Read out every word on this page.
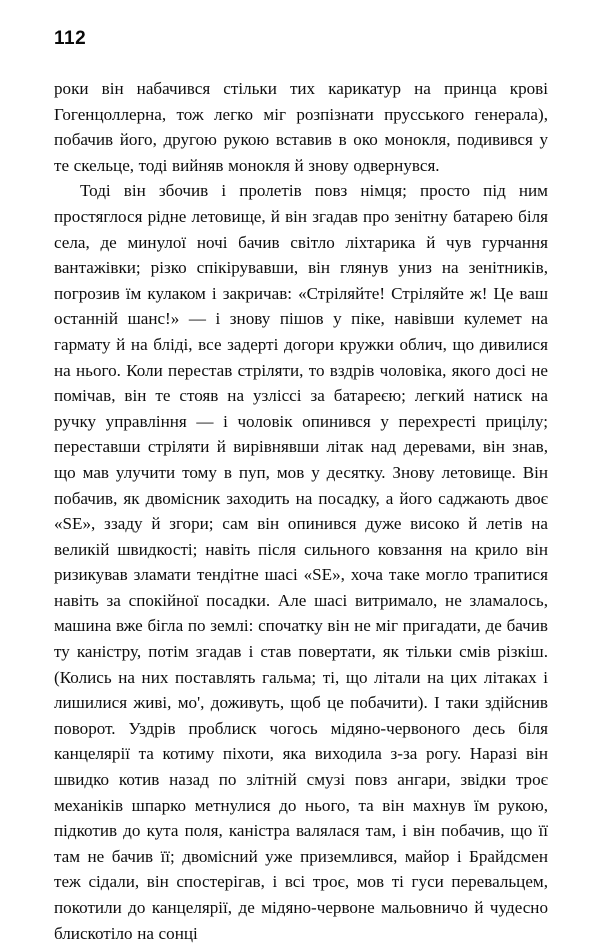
112

роки він набачився стільки тих карикатур на принца крові Гогенцоллерна, тож легко міг розпізнати прусського генерала), побачив його, другою рукою вставив в око монокля, подивився у те скельце, тоді вийняв монокля й знову одвернувся.

Тоді він збочив і пролетів повз німця; просто під ним простяглося рідне летовище, й він згадав про зенітну батарею біля села, де минулої ночі бачив світло ліхтарика й чув гурчання вантажівки; різко спікірувавши, він глянув униз на зенітників, погрозив їм кулаком і закричав: «Стріляйте! Стріляйте ж! Це ваш останній шанс!» — і знову пішов у піке, навівши кулемет на гармату й на бліді, все задерті догори кружки облич, що дивилися на нього. Коли перестав стріляти, то вздрів чоловіка, якого досі не помічав, він те стояв на узліссі за батареєю; легкий натиск на ручку управління — і чоловік опинився у перехресті прицілу; переставши стріляти й вирівнявши літак над деревами, він знав, що мав улучити тому в пуп, мов у десятку. Знову летовище. Він побачив, як двомісник заходить на посадку, а його саджають двоє «SE», ззаду й згори; сам він опинився дуже високо й летів на великій швидкості; навіть після сильного ковзання на крило він ризикував зламати тендітне шасі «SE», хоча таке могло трапитися навіть за спокійної посадки. Але шасі витримало, не зламалось, машина вже бігла по землі: спочатку він не міг пригадати, де бачив ту каністру, потім згадав і став повертати, як тільки смів різкіш. (Колись на них поставлять гальма; ті, що літали на цих літаках і лишилися живі, мо', доживуть, щоб це побачити). І таки здійснив поворот. Уздрів проблиск чогось мідяно-червоного десь біля канцелярії та котиму піхоти, яка виходила з-за рогу. Наразі він швидко котив назад по злітній смузі повз ангари, звідки троє механіків шпарко метнулися до нього, та він махнув їм рукою, підкотив до кута поля, каністра валялася там, і він побачив, що її там не бачив її; двомісний уже приземлився, майор і Брайдсмен теж сідали, він спостерігав, і всі троє, мов ті гуси перевальцем, покотили до канцелярії, де мідяно-червоне мальовничо й чудесно блискотіло на сонці
